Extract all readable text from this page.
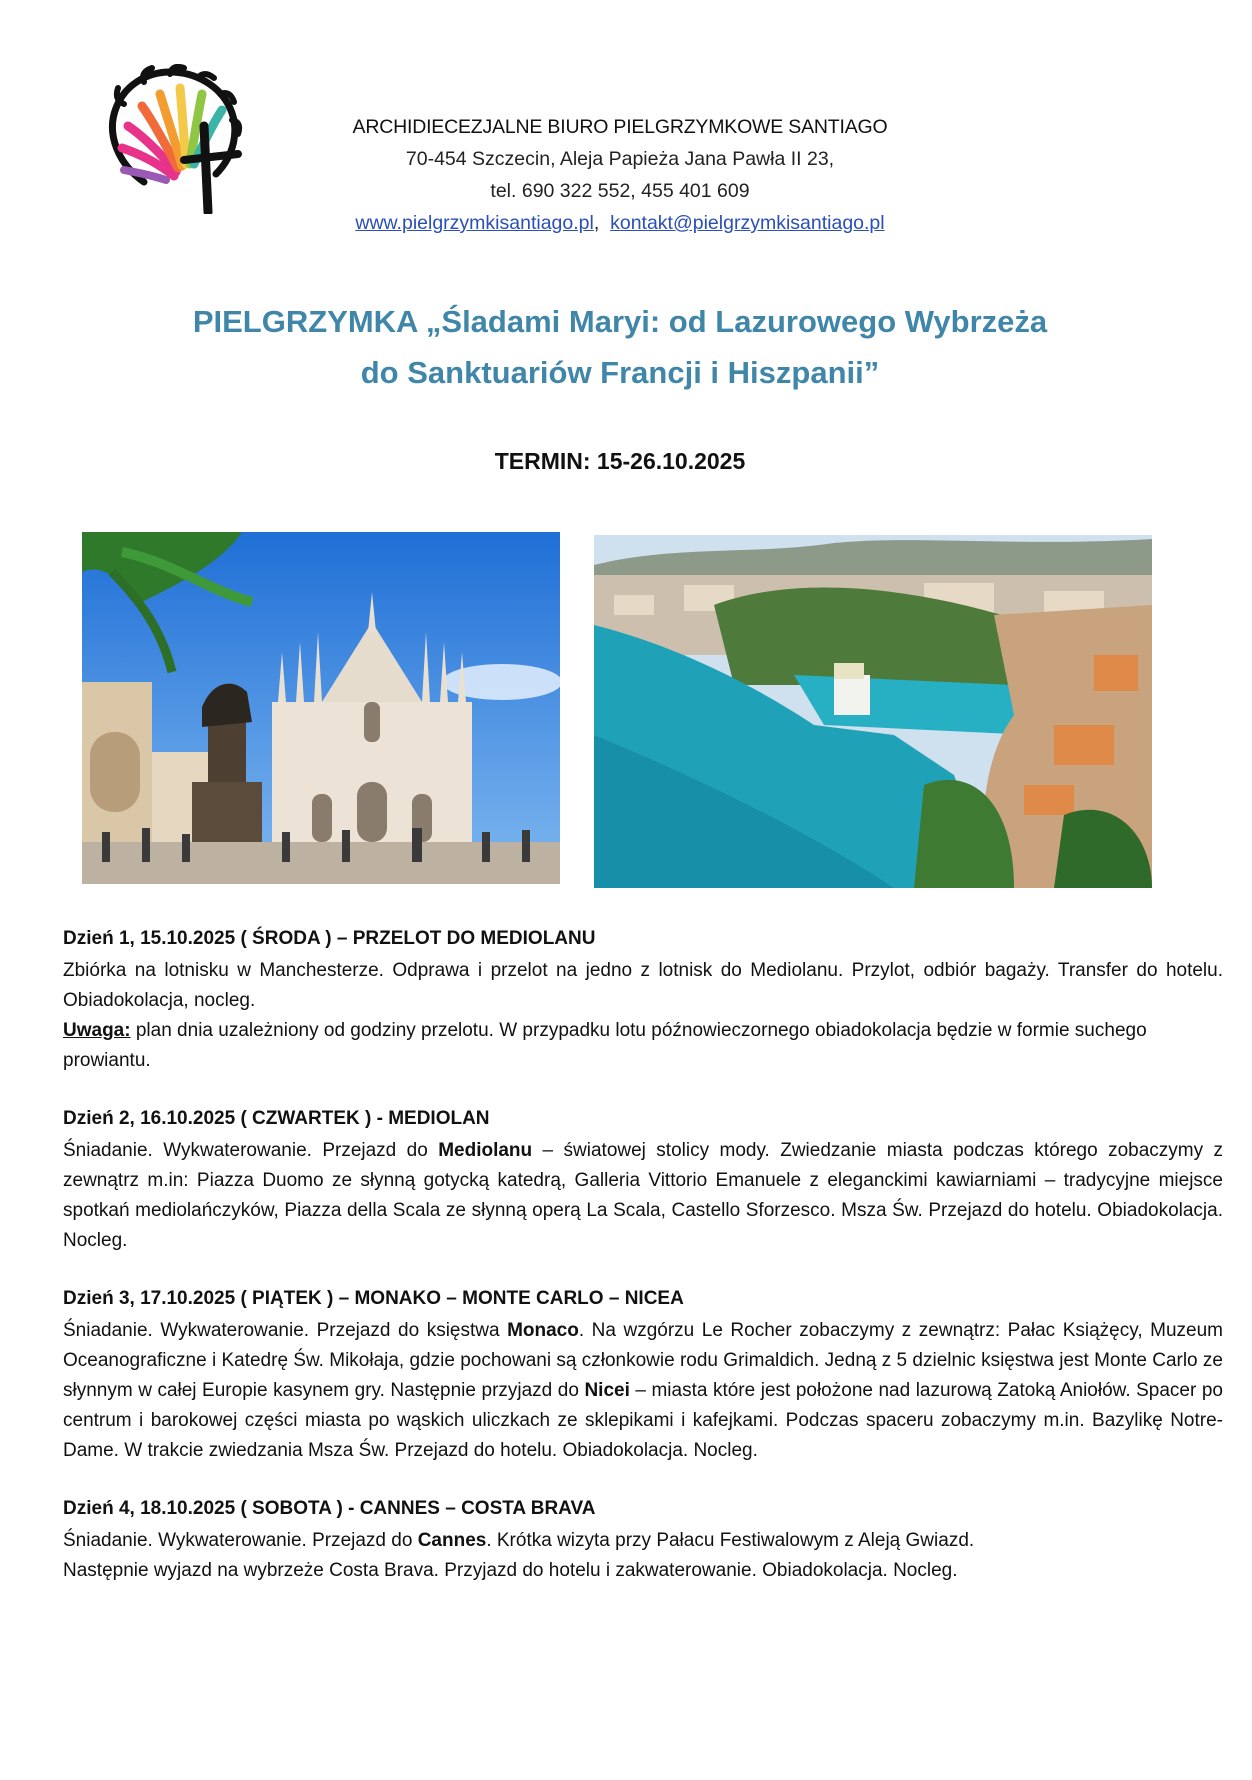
ARCHIDIECEZJALNE BIURO PIELGRZYMKOWE SANTIAGO
70-454 Szczecin, Aleja Papieża Jana Pawła II 23,
tel. 690 322 552, 455 401 609
www.pielgrzymkisantiago.pl,  kontakt@pielgrzymkisantiago.pl
PIELGRZYMKA „Śladami Maryi: od Lazurowego Wybrzeża
do Sanktuariów Francji i Hiszpanii”
TERMIN: 15-26.10.2025
Dzień 1, 15.10.2025 ( ŚRODA ) – PRZELOT DO MEDIOLANU

Zbiórka na lotnisku w Manchesterze. Odprawa i przelot na jedno z lotnisk do Mediolanu. Przylot, odbiór bagaży. Transfer do hotelu. Obiadokolacja, nocleg.

Uwaga: plan dnia uzależniony od godziny przelotu. W przypadku lotu późnowieczornego obiadokolacja będzie w formie suchego prowiantu.

Dzień 2, 16.10.2025 ( CZWARTEK ) - MEDIOLAN

Śniadanie. Wykwaterowanie. Przejazd do Mediolanu – światowej stolicy mody. Zwiedzanie miasta podczas którego zobaczymy z zewnątrz m.in: Piazza Duomo ze słynną gotycką katedrą, Galleria Vittorio Emanuele z eleganckimi kawiarniami – tradycyjne miejsce spotkań mediolańczyków, Piazza della Scala ze słynną operą La Scala, Castello Sforzesco. Msza Św. Przejazd do hotelu. Obiadokolacja. Nocleg.

Dzień 3, 17.10.2025 ( PIĄTEK ) – MONAKO – MONTE CARLO – NICEA

Śniadanie. Wykwaterowanie. Przejazd do księstwa Monaco. Na wzgórzu Le Rocher zobaczymy z zewnątrz: Pałac Książęcy, Muzeum Oceanograficzne i Katedrę Św. Mikołaja, gdzie pochowani są członkowie rodu Grimaldich. Jedną z 5 dzielnic księstwa jest Monte Carlo ze słynnym w całej Europie kasynem gry. Następnie przyjazd do Nicei – miasta które jest położone nad lazurową Zatoką Aniołów. Spacer po centrum i barokowej części miasta po wąskich uliczkach ze sklepikami i kafejkami. Podczas spaceru zobaczymy m.in. Bazylikę Notre-Dame. W trakcie zwiedzania Msza Św. Przejazd do hotelu. Obiadokolacja. Nocleg.

Dzień 4, 18.10.2025 ( SOBOTA ) - CANNES – COSTA BRAVA

Śniadanie. Wykwaterowanie. Przejazd do Cannes. Krótka wizyta przy Pałacu Festiwalowym z Aleją Gwiazd.
Następnie wyjazd na wybrzeże Costa Brava. Przyjazd do hotelu i zakwaterowanie. Obiadokolacja. Nocleg.
